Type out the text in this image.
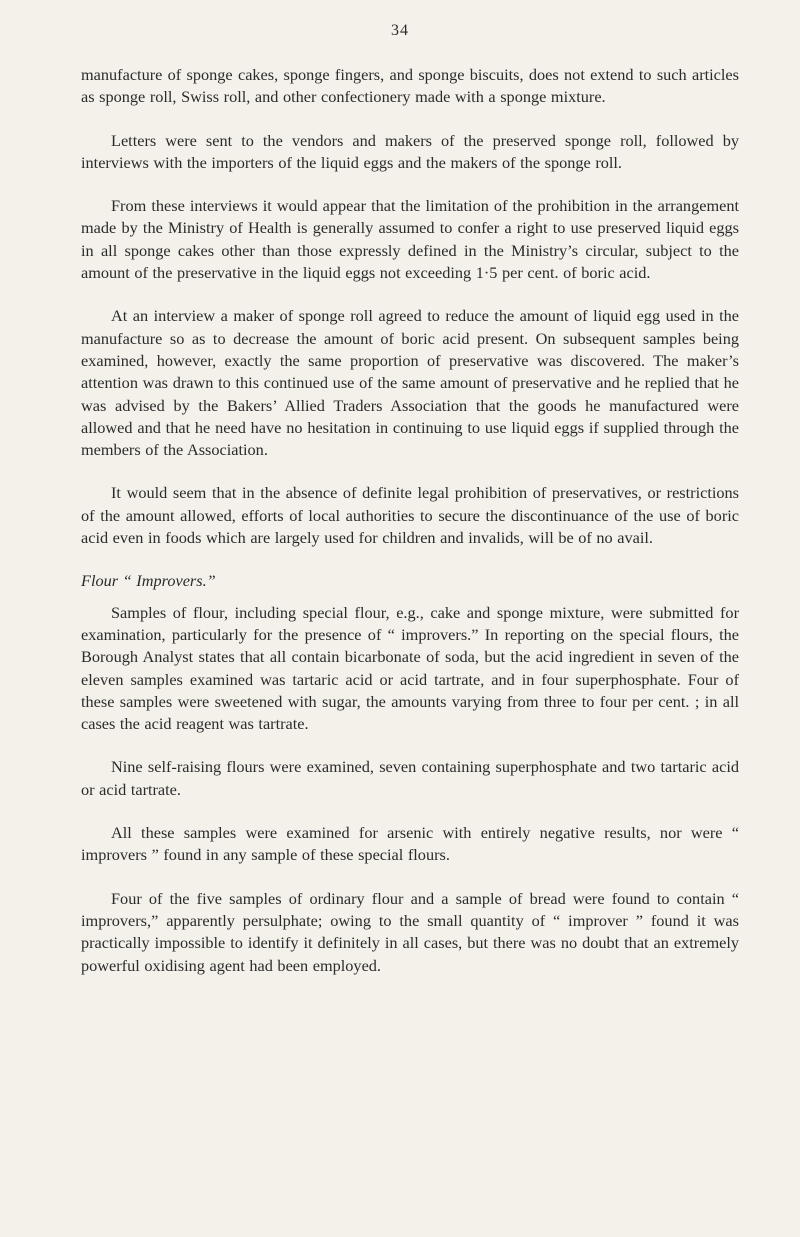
34

manufacture of sponge cakes, sponge fingers, and sponge biscuits, does not extend to such articles as sponge roll, Swiss roll, and other confectionery made with a sponge mixture.

Letters were sent to the vendors and makers of the preserved sponge roll, followed by interviews with the importers of the liquid eggs and the makers of the sponge roll.

From these interviews it would appear that the limitation of the prohibition in the arrangement made by the Ministry of Health is generally assumed to confer a right to use preserved liquid eggs in all sponge cakes other than those expressly defined in the Ministry’s circular, subject to the amount of the preservative in the liquid eggs not exceeding 1·5 per cent. of boric acid.

At an interview a maker of sponge roll agreed to reduce the amount of liquid egg used in the manufacture so as to decrease the amount of boric acid present. On subsequent samples being examined, however, exactly the same proportion of preservative was discovered. The maker’s attention was drawn to this continued use of the same amount of preservative and he replied that he was advised by the Bakers’ Allied Traders Association that the goods he manufactured were allowed and that he need have no hesitation in continuing to use liquid eggs if supplied through the members of the Association.

It would seem that in the absence of definite legal prohibition of preservatives, or restrictions of the amount allowed, efforts of local authorities to secure the discontinuance of the use of boric acid even in foods which are largely used for children and invalids, will be of no avail.

Flour “ Improvers.”

Samples of flour, including special flour, e.g., cake and sponge mixture, were submitted for examination, particularly for the presence of “ improvers.” In reporting on the special flours, the Borough Analyst states that all contain bicarbonate of soda, but the acid ingredient in seven of the eleven samples examined was tartaric acid or acid tartrate, and in four superphosphate. Four of these samples were sweetened with sugar, the amounts varying from three to four per cent. ; in all cases the acid reagent was tartrate.

Nine self-raising flours were examined, seven containing superphosphate and two tartaric acid or acid tartrate.

All these samples were examined for arsenic with entirely negative results, nor were “ improvers ” found in any sample of these special flours.

Four of the five samples of ordinary flour and a sample of bread were found to contain “ improvers,” apparently persulphate; owing to the small quantity of “ improver ” found it was practically impossible to identify it definitely in all cases, but there was no doubt that an extremely powerful oxidising agent had been employed.
